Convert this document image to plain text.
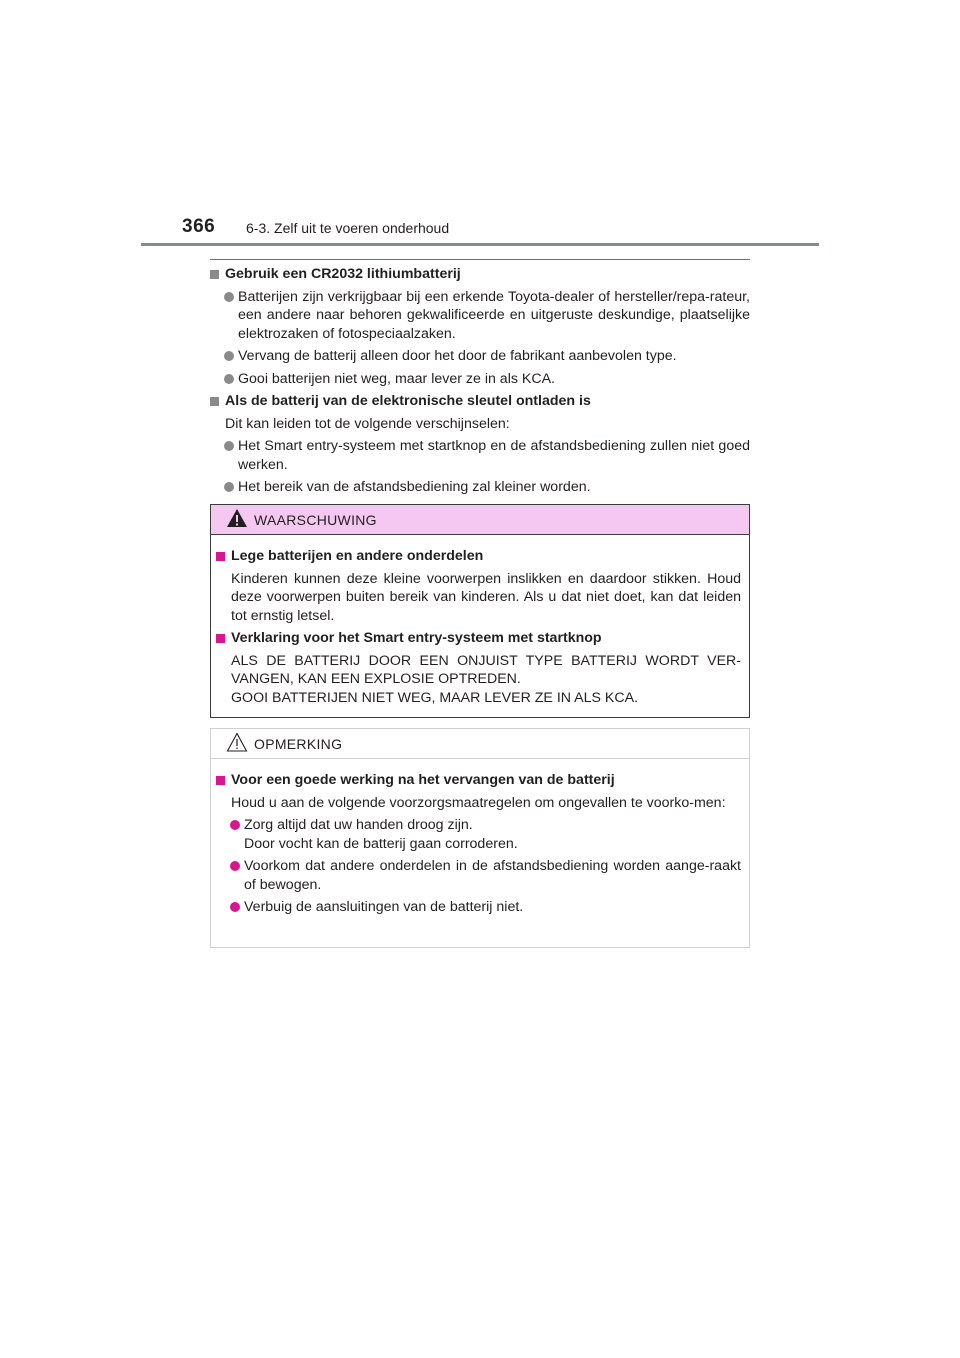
366 6-3. Zelf uit te voeren onderhoud
Gebruik een CR2032 lithiumbatterij
Batterijen zijn verkrijgbaar bij een erkende Toyota-dealer of hersteller/repa-rateur, een andere naar behoren gekwalificeerde en uitgeruste deskundige, plaatselijke elektrozaken of fotospeciaalzaken.
Vervang de batterij alleen door het door de fabrikant aanbevolen type.
Gooi batterijen niet weg, maar lever ze in als KCA.
Als de batterij van de elektronische sleutel ontladen is
Dit kan leiden tot de volgende verschijnselen:
Het Smart entry-systeem met startknop en de afstandsbediening zullen niet goed werken.
Het bereik van de afstandsbediening zal kleiner worden.
WAARSCHUWING
Lege batterijen en andere onderdelen
Kinderen kunnen deze kleine voorwerpen inslikken en daardoor stikken. Houd deze voorwerpen buiten bereik van kinderen. Als u dat niet doet, kan dat leiden tot ernstig letsel.
Verklaring voor het Smart entry-systeem met startknop
ALS DE BATTERIJ DOOR EEN ONJUIST TYPE BATTERIJ WORDT VER-VANGEN, KAN EEN EXPLOSIE OPTREDEN.
GOOI BATTERIJEN NIET WEG, MAAR LEVER ZE IN ALS KCA.
OPMERKING
Voor een goede werking na het vervangen van de batterij
Houd u aan de volgende voorzorgsmaatregelen om ongevallen te voorko-men:
Zorg altijd dat uw handen droog zijn.
Door vocht kan de batterij gaan corroderen.
Voorkom dat andere onderdelen in de afstandsbediening worden aange-raakt of bewogen.
Verbuig de aansluitingen van de batterij niet.
